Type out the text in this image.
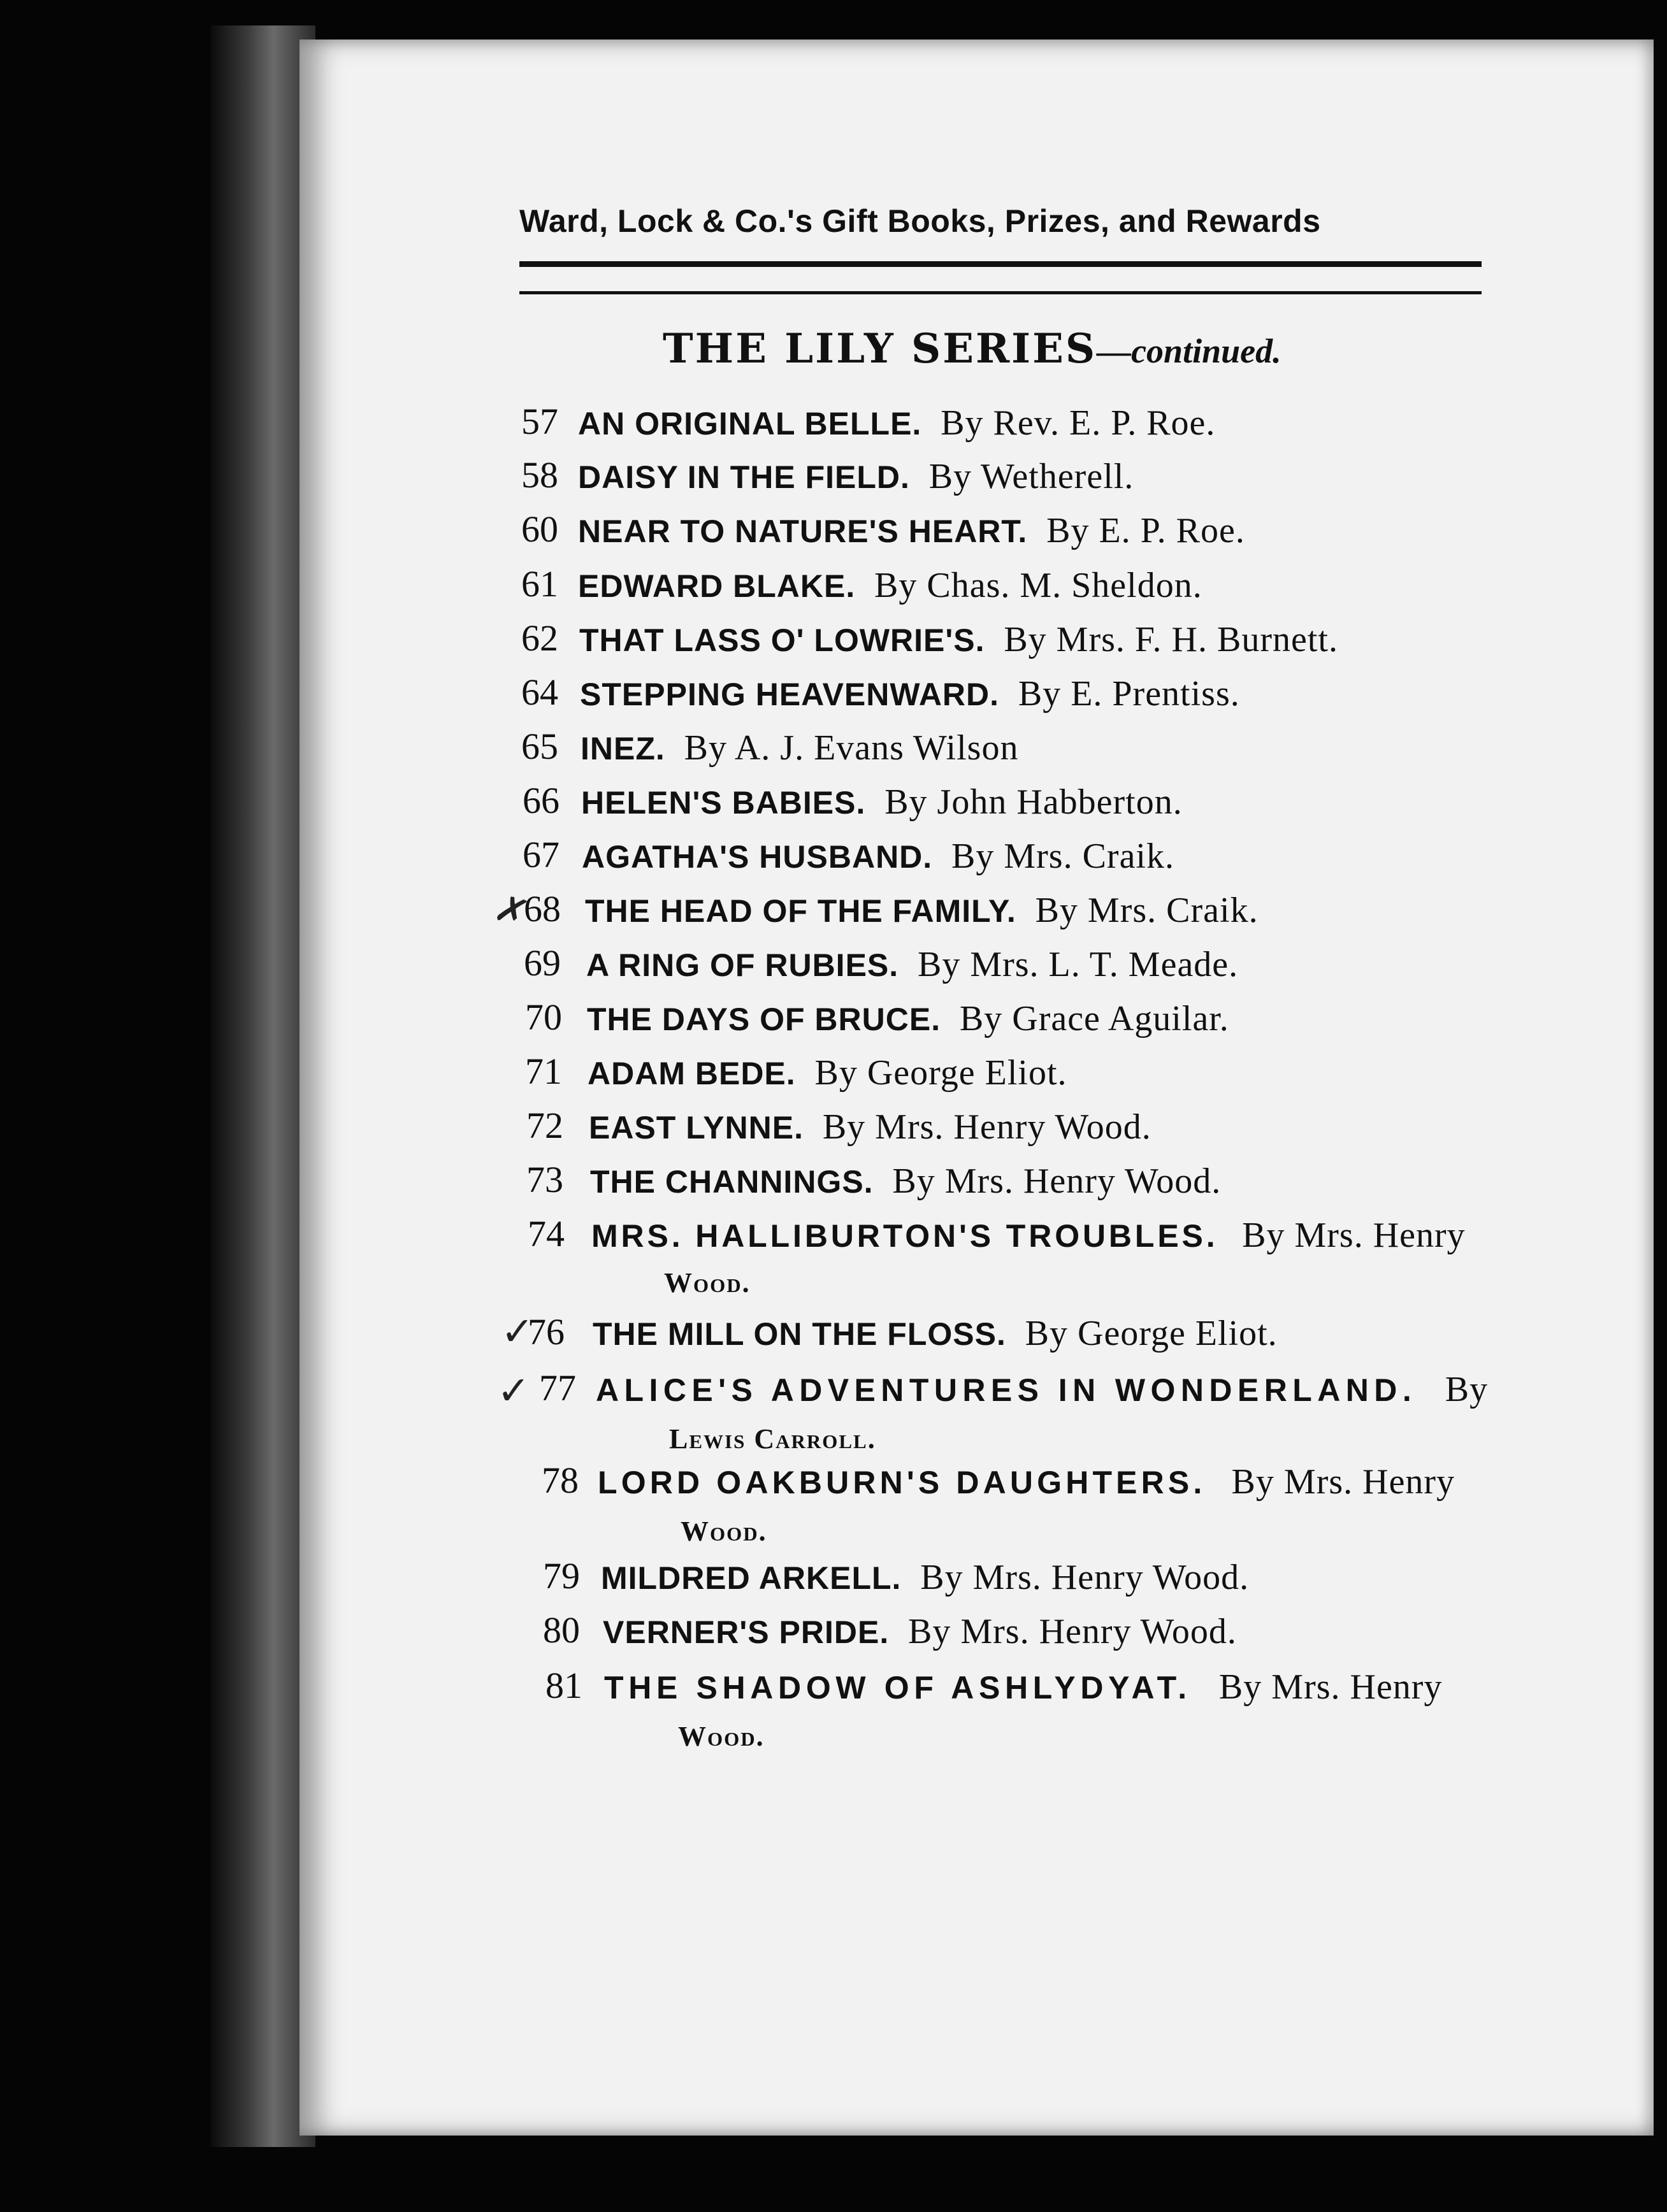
Ward, Lock & Co.'s Gift Books, Prizes, and Rewards
THE LILY SERIES—continued.
57 AN ORIGINAL BELLE. By Rev. E. P. Roe.
58 DAISY IN THE FIELD. By Wetherell.
60 NEAR TO NATURE'S HEART. By E. P. Roe.
61 EDWARD BLAKE. By Chas. M. Sheldon.
62 THAT LASS O' LOWRIE'S. By Mrs. F. H. Burnett.
64 STEPPING HEAVENWARD. By E. Prentiss.
65 INEZ. By A. J. Evans Wilson
66 HELEN'S BABIES. By John Habberton.
67 AGATHA'S HUSBAND. By Mrs. Craik.
68 THE HEAD OF THE FAMILY. By Mrs. Craik.
69 A RING OF RUBIES. By Mrs. L. T. Meade.
70 THE DAYS OF BRUCE. By Grace Aguilar.
71 ADAM BEDE. By George Eliot.
72 EAST LYNNE. By Mrs. Henry Wood.
73 THE CHANNINGS. By Mrs. Henry Wood.
74 MRS. HALLIBURTON'S TROUBLES. By Mrs. Henry
Wood.
76 THE MILL ON THE FLOSS. By George Eliot.
77 ALICE'S ADVENTURES IN WONDERLAND. By
Lewis Carroll.
78 LORD OAKBURN'S DAUGHTERS. By Mrs. Henry
Wood.
79 MILDRED ARKELL. By Mrs. Henry Wood.
80 VERNER'S PRIDE. By Mrs. Henry Wood.
81 THE SHADOW OF ASHLYDYAT. By Mrs. Henry
Wood.
✗
✓
✓
